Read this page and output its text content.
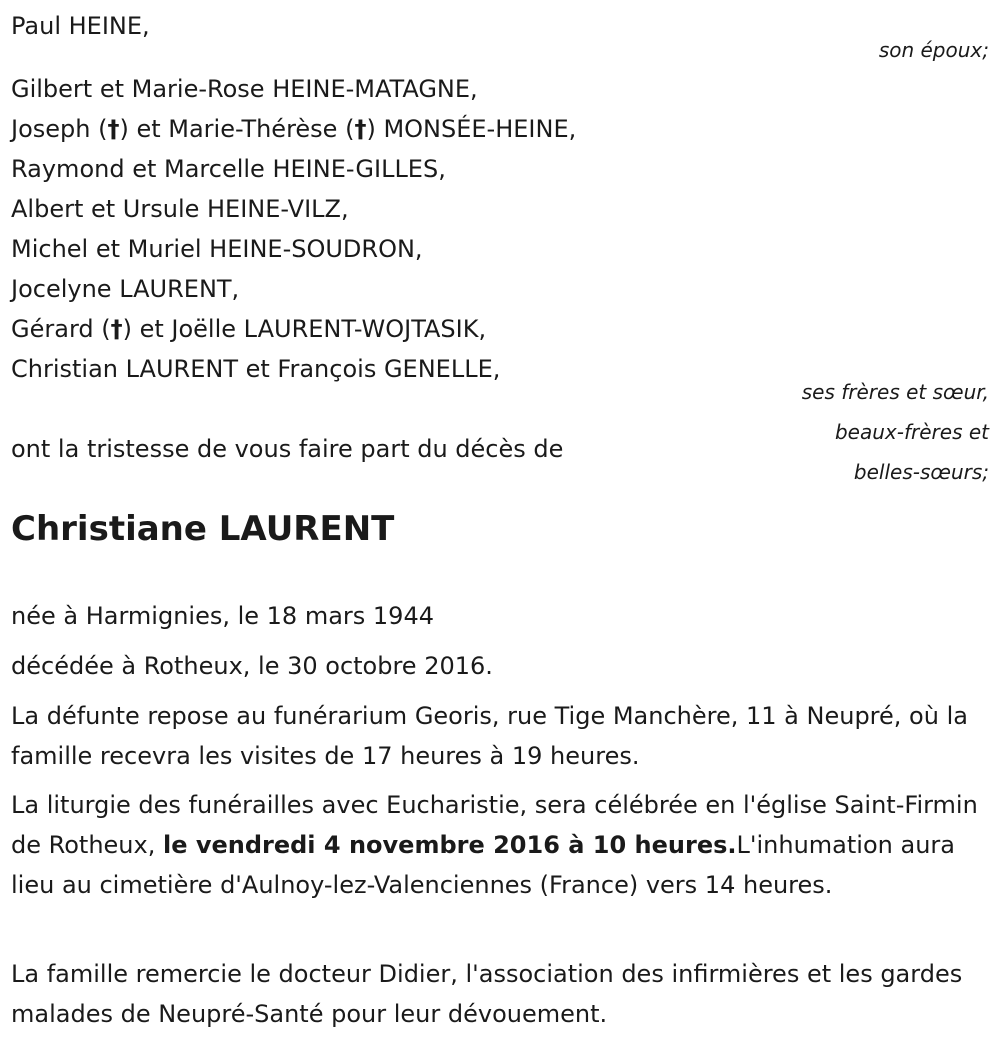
Paul HEINE,
son époux;
Gilbert et Marie-Rose HEINE-MATAGNE,
Joseph (†) et Marie-Thérèse (†) MONSÉE-HEINE,
Raymond et Marcelle HEINE-GILLES,
Albert et Ursule HEINE-VILZ,
Michel et Muriel HEINE-SOUDRON,
Jocelyne LAURENT,
Gérard (†) et Joëlle LAURENT-WOJTASIK,
Christian LAURENT et François GENELLE,
ses frères et sœur,
beaux-frères et
belles-sœurs;
ont la tristesse de vous faire part du décès de
Christiane LAURENT
née à Harmignies, le 18 mars 1944
décédée à Rotheux, le 30 octobre 2016.
La défunte repose au funérarium Georis, rue Tige Manchère, 11 à Neupré, où la famille recevra les visites de 17 heures à 19 heures.
La liturgie des funérailles avec Eucharistie, sera célébrée en l'église Saint-Firmin de Rotheux, le vendredi 4 novembre 2016 à 10 heures.L'inhumation aura lieu au cimetière d'Aulnoy-lez-Valenciennes (France) vers 14 heures.
La famille remercie le docteur Didier, l'association des infirmières et les gardes malades de Neupré-Santé pour leur dévouement.
